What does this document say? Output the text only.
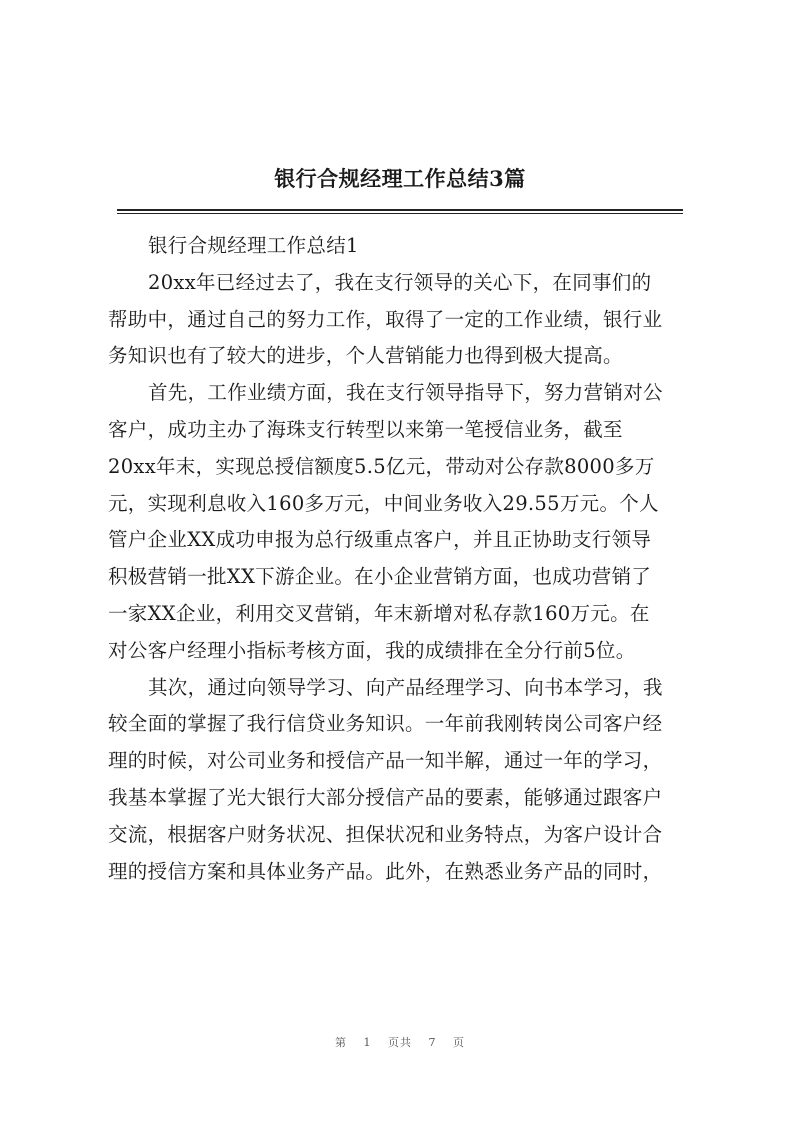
银行合规经理工作总结3篇
银行合规经理工作总结1
20xx年已经过去了，我在支行领导的关心下，在同事们的
帮助中，通过自己的努力工作，取得了一定的工作业绩，银行业
务知识也有了较大的进步，个人营销能力也得到极大提高。
首先，工作业绩方面，我在支行领导指导下，努力营销对公
客户，成功主办了海珠支行转型以来第一笔授信业务，截至
20xx年末，实现总授信额度5.5亿元，带动对公存款8000多万
元，实现利息收入160多万元，中间业务收入29.55万元。个人
管户企业XX成功申报为总行级重点客户，并且正协助支行领导
积极营销一批XX下游企业。在小企业营销方面，也成功营销了
一家XX企业，利用交叉营销，年末新增对私存款160万元。在
对公客户经理小指标考核方面，我的成绩排在全分行前5位。
其次，通过向领导学习、向产品经理学习、向书本学习，我
较全面的掌握了我行信贷业务知识。一年前我刚转岗公司客户经
理的时候，对公司业务和授信产品一知半解，通过一年的学习，
我基本掌握了光大银行大部分授信产品的要素，能够通过跟客户
交流，根据客户财务状况、担保状况和业务特点，为客户设计合
理的授信方案和具体业务产品。此外，在熟悉业务产品的同时，
第 1 页共 7 页
